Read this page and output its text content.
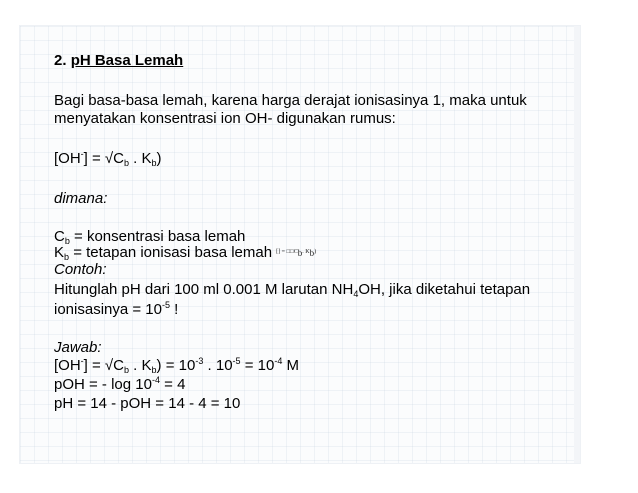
2. pH Basa Lemah
Bagi basa-basa lemah, karena harga derajat ionisasinya 1, maka untuk
menyatakan konsentrasi ion OH- digunakan rumus:
$[OH^-] = √C_b$ . $K_b$)
dimana:
$C_b$ = konsentrasi basa lemah
$K_b$ = tetapan ionisasi basa lemah $^{[] = □□C_b. K_b)}$
Contoh:
Hitunglah pH dari 100 ml 0.001 M larutan $NH_4OH$, jika diketahui tetapan
ionisasinya = $10^{-5}$ !
Jawab:
$[OH^-] = √C_b$ . $K_b) = 10^{-3}$ . $10^{-5} = 10^{-4}$ M
pOH = - $\log 10^{-4} = 4$
pH = 14 - pOH = 14 - 4 = 10
